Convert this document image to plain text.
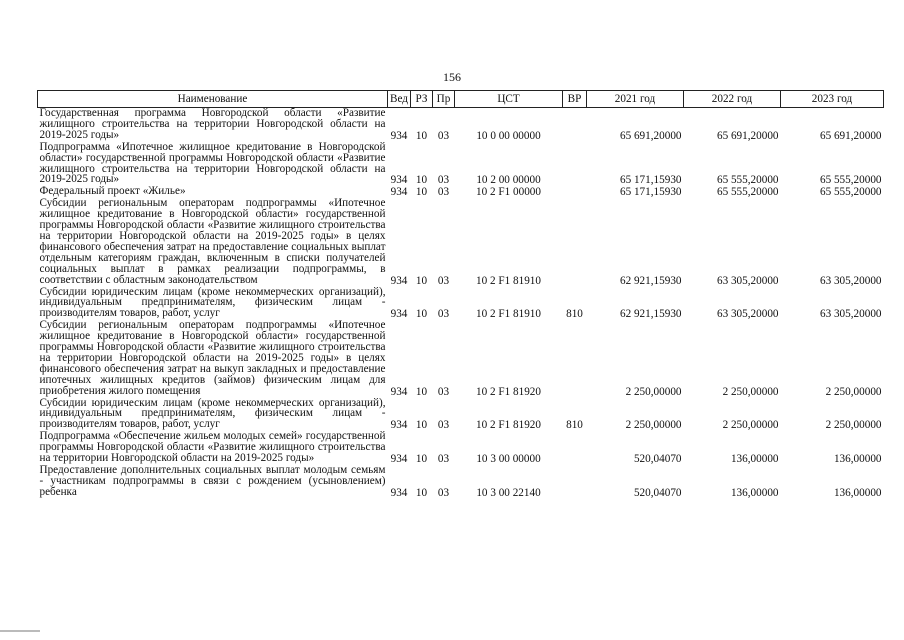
156
Наименование	Вед	РЗ	Пр	ЦСТ	ВР	2021 год	2022 год	2023 год
Государственная программа Новгородской области «Развитие жилищного строительства на территории Новгородской области на 2019-2025 годы»	934	10	03	10 0 00 00000		65 691,20000	65 691,20000	65 691,20000
Подпрограмма «Ипотечное жилищное кредитование в Новгородской области» государственной программы Новгородской области «Развитие жилищного строительства на территории Новгородской области на 2019-2025 годы»	934	10	03	10 2 00 00000		65 171,15930	65 555,20000	65 555,20000
Федеральный проект «Жилье»	934	10	03	10 2 F1 00000		65 171,15930	65 555,20000	65 555,20000
Субсидии региональным операторам подпрограммы «Ипотечное жилищное кредитование в Новгородской области» государственной программы Новгородской области «Развитие жилищного строительства на территории Новгородской области на 2019-2025 годы» в целях финансового обеспечения затрат на предоставление социальных выплат отдельным категориям граждан, включенным в списки получателей социальных выплат в рамках реализации подпрограммы, в соответствии с областным законодательством	934	10	03	10 2 F1 81910		62 921,15930	63 305,20000	63 305,20000
Субсидии юридическим лицам (кроме некоммерческих организаций), индивидуальным предпринимателям, физическим лицам - производителям товаров, работ, услуг	934	10	03	10 2 F1 81910	810	62 921,15930	63 305,20000	63 305,20000
Субсидии региональным операторам подпрограммы «Ипотечное жилищное кредитование в Новгородской области» государственной программы Новгородской области «Развитие жилищного строительства на территории Новгородской области на 2019-2025 годы» в целях финансового обеспечения затрат на выкуп закладных и предоставление ипотечных жилищных кредитов (займов) физическим лицам для приобретения жилого помещения	934	10	03	10 2 F1 81920		2 250,00000	2 250,00000	2 250,00000
Субсидии юридическим лицам (кроме некоммерческих организаций), индивидуальным предпринимателям, физическим лицам - производителям товаров, работ, услуг	934	10	03	10 2 F1 81920	810	2 250,00000	2 250,00000	2 250,00000
Подпрограмма «Обеспечение жильем молодых семей» государственной программы Новгородской области «Развитие жилищного строительства на территории Новгородской области на 2019-2025 годы»	934	10	03	10 3 00 00000		520,04070	136,00000	136,00000
Предоставление дополнительных социальных выплат молодым семьям - участникам подпрограммы в связи с рождением (усыновлением) ребенка	934	10	03	10 3 00 22140		520,04070	136,00000	136,00000
